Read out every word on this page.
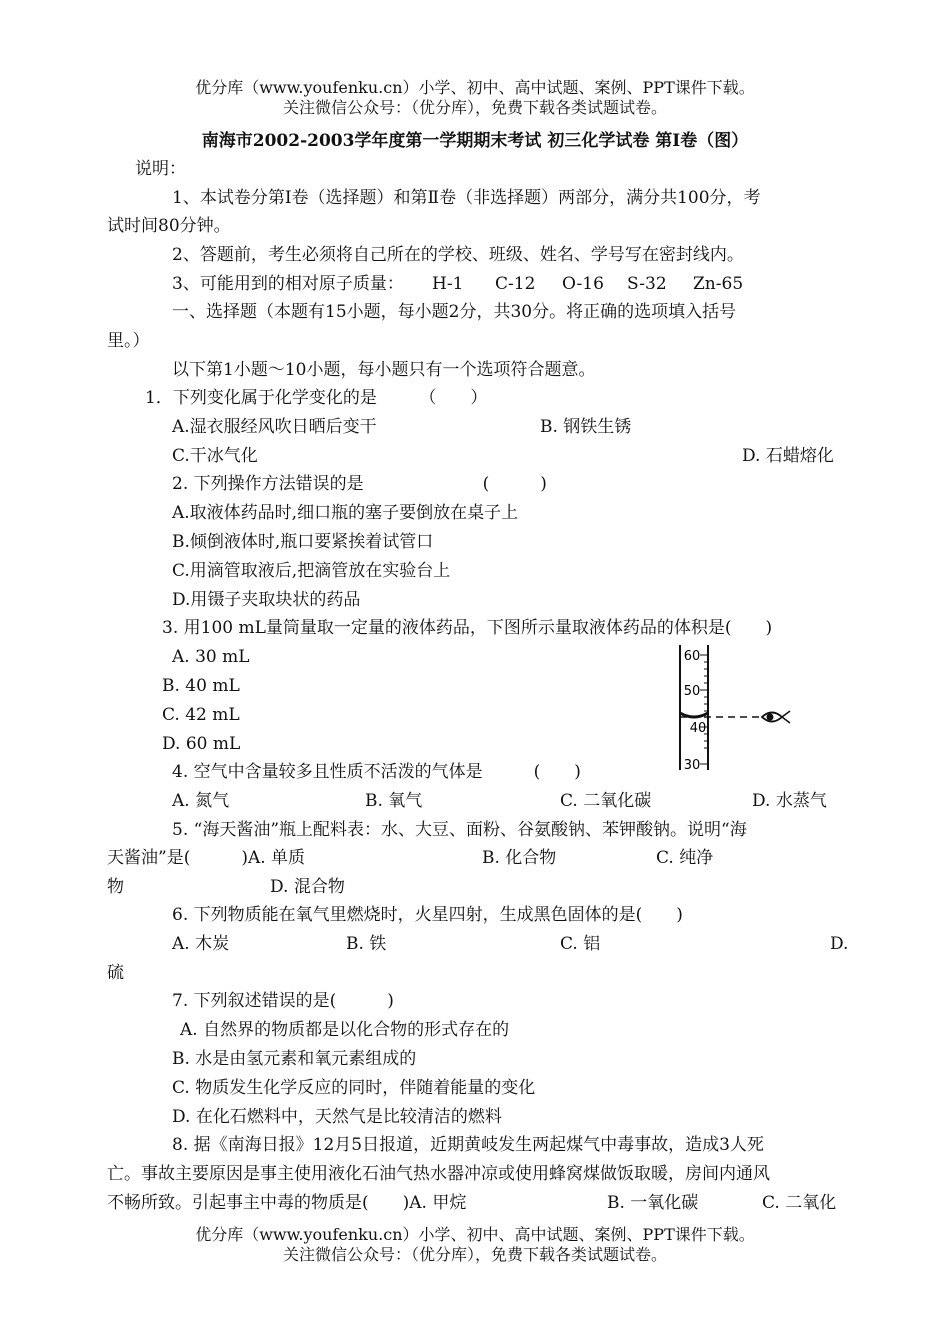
优分库（www.youfenku.cn）小学、初中、高中试题、案例、PPT课件下载。
关注微信公众号：（优分库），免费下载各类试题试卷。
南海市2002-2003学年度第一学期期末考试 初三化学试卷 第Ⅰ卷（图）
说明：
1、本试卷分第Ⅰ卷（选择题）和第Ⅱ卷（非选择题）两部分，满分共100分，考
试时间80分钟。
2、答题前，考生必须将自己所在的学校、班级、姓名、学号写在密封线内。
3、可能用到的相对原子质量： H-1 C-12 O-16 S-32 Zn-65
一、选择题（本题有15小题，每小题2分，共30分。将正确的选项填入括号
里。）
以下第1小题～10小题，每小题只有一个选项符合题意。
1．下列变化属于化学变化的是　　　（　　）
A.湿衣服经风吹日晒后变干	B. 钢铁生锈
C.干冰气化	D. 石蜡熔化
2. 下列操作方法错误的是　　　　　　　(　　　)
A.取液体药品时,细口瓶的塞子要倒放在桌子上
B.倾倒液体时,瓶口要紧挨着试管口
C.用滴管取液后,把滴管放在实验台上
D.用镊子夹取块状的药品
3. 用100 mL量筒量取一定量的液体药品，下图所示量取液体药品的体积是(　　)
A. 30 mL
B. 40 mL
C. 42 mL
D. 60 mL
60
50
40
30
4. 空气中含量较多且性质不活泼的气体是　　　(　　)
A. 氮气	B. 氧气	C. 二氧化碳	D. 水蒸气
5. “海天酱油”瓶上配料表：水、大豆、面粉、谷氨酸钠、苯钾酸钠。说明“海
天酱油”是(　　　)A. 单质	B. 化合物	C. 纯净
物	D. 混合物
6. 下列物质能在氧气里燃烧时，火星四射，生成黑色固体的是(　　)
A. 木炭	B. 铁	C. 铝	D.
硫
7. 下列叙述错误的是(　　　)
A. 自然界的物质都是以化合物的形式存在的
B. 水是由氢元素和氧元素组成的
C. 物质发生化学反应的同时，伴随着能量的变化
D. 在化石燃料中，天然气是比较清洁的燃料
8. 据《南海日报》12月5日报道，近期黄岐发生两起煤气中毒事故，造成3人死
亡。事故主要原因是事主使用液化石油气热水器冲凉或使用蜂窝煤做饭取暖，房间内通风
不畅所致。引起事主中毒的物质是(　　)A. 甲烷	B. 一氧化碳	C. 二氧化
优分库（www.youfenku.cn）小学、初中、高中试题、案例、PPT课件下载。
关注微信公众号：（优分库），免费下载各类试题试卷。
